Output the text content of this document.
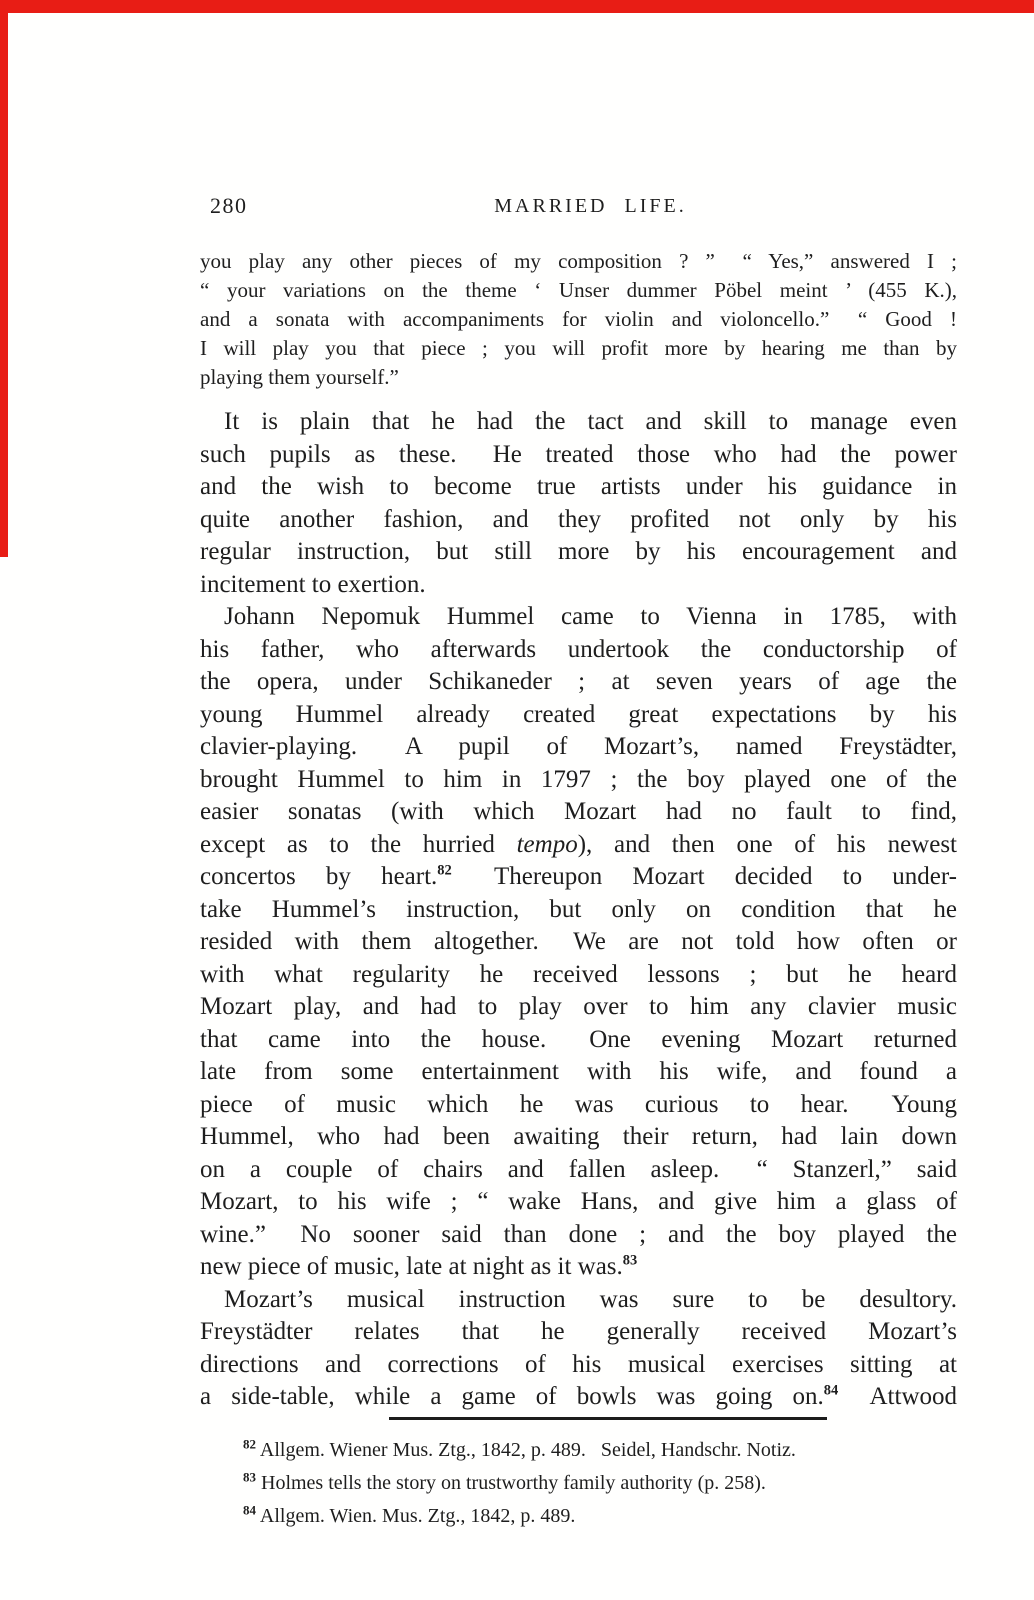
280	MARRIED LIFE.
you play any other pieces of my composition ? ”  “ Yes,” answered I ;
“ your variations on the theme ‘ Unser dummer Pöbel meint ’ (455 K.),
and a sonata with accompaniments for violin and violoncello.”  “ Good !
I will play you that piece ; you will profit more by hearing me than by
playing them yourself.”
It is plain that he had the tact and skill to manage even
such pupils as these.  He treated those who had the power
and the wish to become true artists under his guidance in
quite another fashion, and they profited not only by his
regular instruction, but still more by his encouragement and
incitement to exertion.
Johann Nepomuk Hummel came to Vienna in 1785, with
his father, who afterwards undertook the conductorship of
the opera, under Schikaneder ; at seven years of age the
young Hummel already created great expectations by his
clavier-playing.  A pupil of Mozart’s, named Freystädter,
brought Hummel to him in 1797 ; the boy played one of the
easier sonatas (with which Mozart had no fault to find,
except as to the hurried tempo), and then one of his newest
concertos by heart.$^{82}$  Thereupon Mozart decided to under-
take Hummel’s instruction, but only on condition that he
resided with them altogether.  We are not told how often or
with what regularity he received lessons ; but he heard
Mozart play, and had to play over to him any clavier music
that came into the house.  One evening Mozart returned
late from some entertainment with his wife, and found a
piece of music which he was curious to hear.  Young
Hummel, who had been awaiting their return, had lain down
on a couple of chairs and fallen asleep.  “ Stanzerl,” said
Mozart, to his wife ; “ wake Hans, and give him a glass of
wine.”  No sooner said than done ; and the boy played the
new piece of music, late at night as it was.$^{83}$
Mozart’s musical instruction was sure to be desultory.
Freystädter relates that he generally received Mozart’s
directions and corrections of his musical exercises sitting at
a side-table, while a game of bowls was going on.$^{84}$  Attwood
$^{82}$ Allgem. Wiener Mus. Ztg., 1842, p. 489.  Seidel, Handschr. Notiz.
$^{83}$ Holmes tells the story on trustworthy family authority (p. 258).
$^{84}$ Allgem. Wien. Mus. Ztg., 1842, p. 489.
